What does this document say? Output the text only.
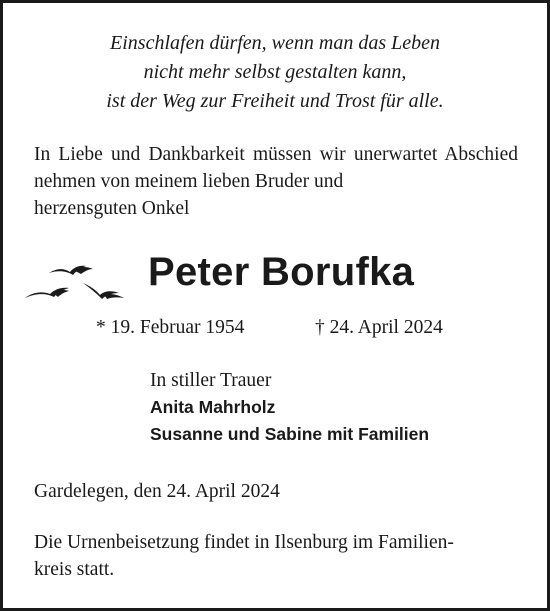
Einschlafen dürfen, wenn man das Leben
nicht mehr selbst gestalten kann,
ist der Weg zur Freiheit und Trost für alle.
In Liebe und Dankbarkeit müssen wir unerwartet Abschied nehmen von meinem lieben Bruder und
herzensguten Onkel
Peter Borufka
* 19. Februar 1954	† 24. April 2024
In stiller Trauer
Anita Mahrholz
Susanne und Sabine mit Familien
Gardelegen, den 24. April 2024
Die Urnenbeisetzung findet in Ilsenburg im Familien-
kreis statt.
